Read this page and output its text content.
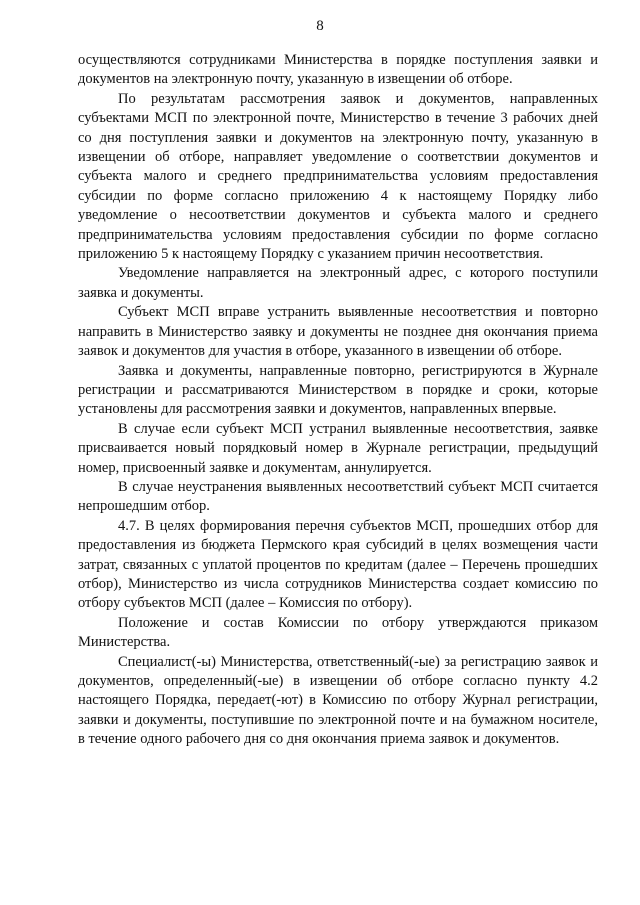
8

осуществляются сотрудниками Министерства в порядке поступления заявки и документов на электронную почту, указанную в извещении об отборе.

По результатам рассмотрения заявок и документов, направленных субъектами МСП по электронной почте, Министерство в течение 3 рабочих дней со дня поступления заявки и документов на электронную почту, указанную в извещении об отборе, направляет уведомление о соответствии документов и субъекта малого и среднего предпринимательства условиям предоставления субсидии по форме согласно приложению 4 к настоящему Порядку либо уведомление о несоответствии документов и субъекта малого и среднего предпринимательства условиям предоставления субсидии по форме согласно приложению 5 к настоящему Порядку с указанием причин несоответствия.

Уведомление направляется на электронный адрес, с которого поступили заявка и документы.

Субъект МСП вправе устранить выявленные несоответствия и повторно направить в Министерство заявку и документы не позднее дня окончания приема заявок и документов для участия в отборе, указанного в извещении об отборе.

Заявка и документы, направленные повторно, регистрируются в Журнале регистрации и рассматриваются Министерством в порядке и сроки, которые установлены для рассмотрения заявки и документов, направленных впервые.

В случае если субъект МСП устранил выявленные несоответствия, заявке присваивается новый порядковый номер в Журнале регистрации, предыдущий номер, присвоенный заявке и документам, аннулируется.

В случае неустранения выявленных несоответствий субъект МСП считается непрошедшим отбор.

4.7. В целях формирования перечня субъектов МСП, прошедших отбор для предоставления из бюджета Пермского края субсидий в целях возмещения части затрат, связанных с уплатой процентов по кредитам (далее – Перечень прошедших отбор), Министерство из числа сотрудников Министерства создает комиссию по отбору субъектов МСП (далее – Комиссия по отбору).

Положение и состав Комиссии по отбору утверждаются приказом Министерства.

Специалист(-ы) Министерства, ответственный(-ые) за регистрацию заявок и документов, определенный(-ые) в извещении об отборе согласно пункту 4.2 настоящего Порядка, передает(-ют) в Комиссию по отбору Журнал регистрации, заявки и документы, поступившие по электронной почте и на бумажном носителе, в течение одного рабочего дня со дня окончания приема заявок и документов.
